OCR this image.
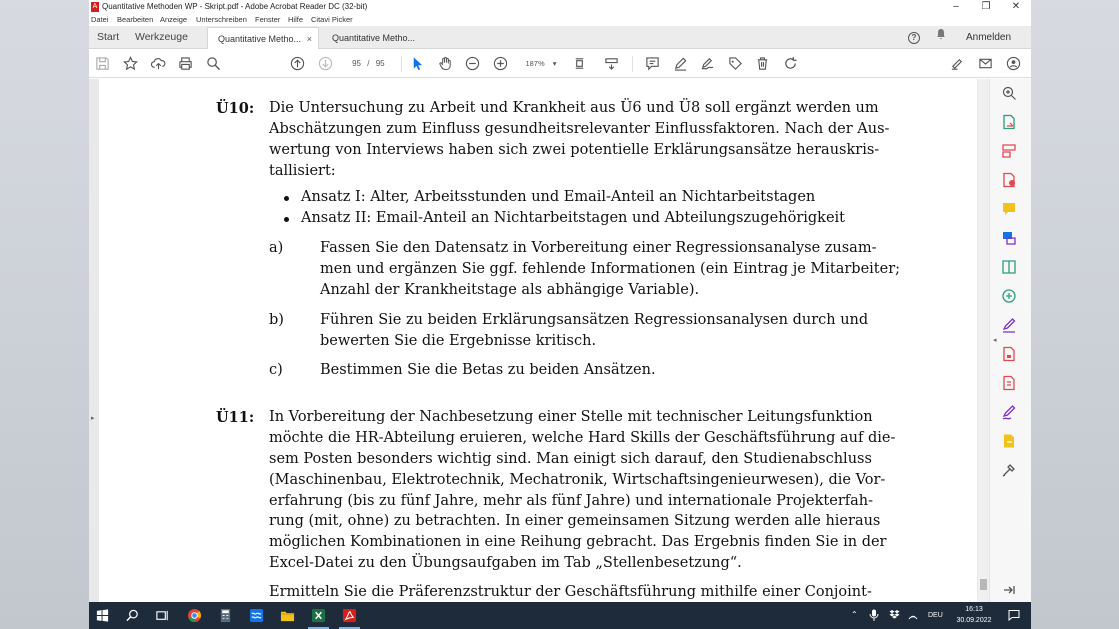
A Quantitative Methoden WP - Skript.pdf - Adobe Acrobat Reader DC (32-bit)	–	❐	✕
Datei Bearbeiten Anzeige Unterschreiben Fenster Hilfe Citavi Picker
Start Werkzeuge	Quantitative Metho... ×	Quantitative Metho...	?	Anmelden
95 / 95	187% ▾
▸
Ü10: Die Untersuchung zu Arbeit und Krankheit aus Ü6 und Ü8 soll ergänzt werden um
Abschätzungen zum Einfluss gesundheitsrelevanter Einflussfaktoren. Nach der Aus-
wertung von Interviews haben sich zwei potentielle Erklärungsansätze herauskris-
tallisiert:
Ansatz I: Alter, Arbeitsstunden und Email-Anteil an Nichtarbeitstagen
Ansatz II: Email-Anteil an Nichtarbeitstagen und Abteilungszugehörigkeit
a)	Fassen Sie den Datensatz in Vorbereitung einer Regressionsanalyse zusam-
men und ergänzen Sie ggf. fehlende Informationen (ein Eintrag je Mitarbeiter;
Anzahl der Krankheitstage als abhängige Variable).
b) Führen Sie zu beiden Erklärungsansätzen Regressionsanalysen durch und
bewerten Sie die Ergebnisse kritisch.
c)	Bestimmen Sie die Betas zu beiden Ansätzen.
Ü11: In Vorbereitung der Nachbesetzung einer Stelle mit technischer Leitungsfunktion
möchte die HR-Abteilung eruieren, welche Hard Skills der Geschäftsführung auf die-
sem Posten besonders wichtig sind. Man einigt sich darauf, den Studienabschluss
(Maschinenbau, Elektrotechnik, Mechatronik, Wirtschaftsingenieurwesen), die Vor-
erfahrung (bis zu fünf Jahre, mehr als fünf Jahre) und internationale Projekterfah-
rung (mit, ohne) zu betrachten. In einer gemeinsamen Sitzung werden alle hieraus
möglichen Kombinationen in eine Reihung gebracht. Das Ergebnis finden Sie in der
Excel-Datei zu den Übungsaufgaben im Tab „Stellenbesetzung“.
Ermitteln Sie die Präferenzstruktur der Geschäftsführung mithilfe einer Conjoint-
◂
⌃	DEU
16:13
30.09.2022
